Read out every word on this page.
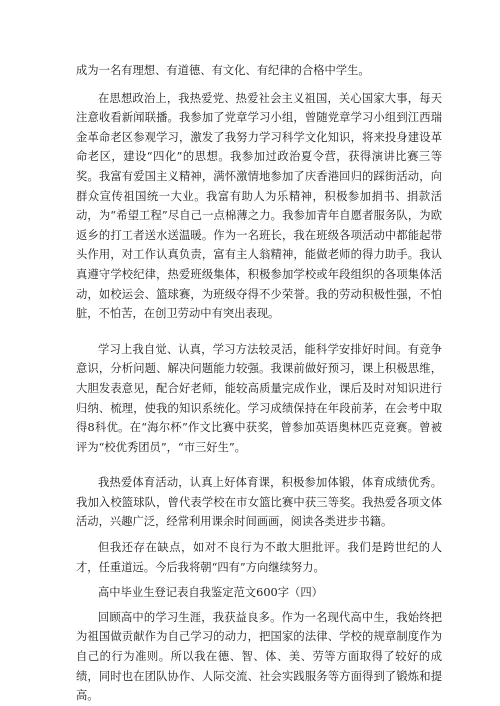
成为一名有理想、有道德、有文化、有纪律的合格中学生。

在思想政治上，我热爱党、热爱社会主义祖国，关心国家大事，每天注意收看新闻联播。我参加了党章学习小组，曾随党章学习小组到江西瑞金革命老区参观学习，激发了我努力学习科学文化知识，将来投身建设革命老区，建设“四化”的思想。我参加过政治夏令营，获得演讲比赛三等奖。我富有爱国主义精神，满怀激情地参加了庆香港回归的踩街活动，向群众宣传祖国统一大业。我富有助人为乐精神，积极参加捐书、捐款活动，为“希望工程”尽自己一点棉薄之力。我参加青年自愿者服务队，为欧返乡的打工者送水送温暖。作为一名班长，我在班级各项活动中都能起带头作用，对工作认真负责，富有主人翁精神，能做老师的得力助手。我认真遵守学校纪律，热爱班级集体，积极参加学校或年段组织的各项集体活动，如校运会、篮球赛，为班级夺得不少荣誉。我的劳动积极性强，不怕脏，不怕苦，在创卫劳动中有突出表现。

学习上我自觉、认真，学习方法较灵活，能科学安排好时间。有竞争意识，分析问题、解决问题能力较强。我课前做好预习，课上积极思维，大胆发表意见，配合好老师，能较高质量完成作业，课后及时对知识进行归纳、梳理，使我的知识系统化。学习成绩保持在年段前茅，在会考中取得8科优。在“海尔杯”作文比赛中获奖，曾参加英语奥林匹克竞赛。曾被评为“校优秀团员”，“市三好生”。

我热爱体育活动，认真上好体育课，积极参加体锻，体育成绩优秀。我加入校篮球队，曾代表学校在市女篮比赛中获三等奖。我热爱各项文体活动，兴趣广泛，经常利用课余时间画画，阅读各类进步书籍。

但我还存在缺点，如对不良行为不敢大胆批评。我们是跨世纪的人才，任重道远。今后我将朝“四有”方向继续努力。

高中毕业生登记表自我鉴定范文600字（四）

回顾高中的学习生涯，我获益良多。作为一名现代高中生，我始终把为祖国做贡献作为自己学习的动力，把国家的法律、学校的规章制度作为自己的行为准则。所以我在德、智、体、美、劳等方面取得了较好的成绩，同时也在团队协作、人际交流、社会实践服务等方面得到了锻炼和提高。
